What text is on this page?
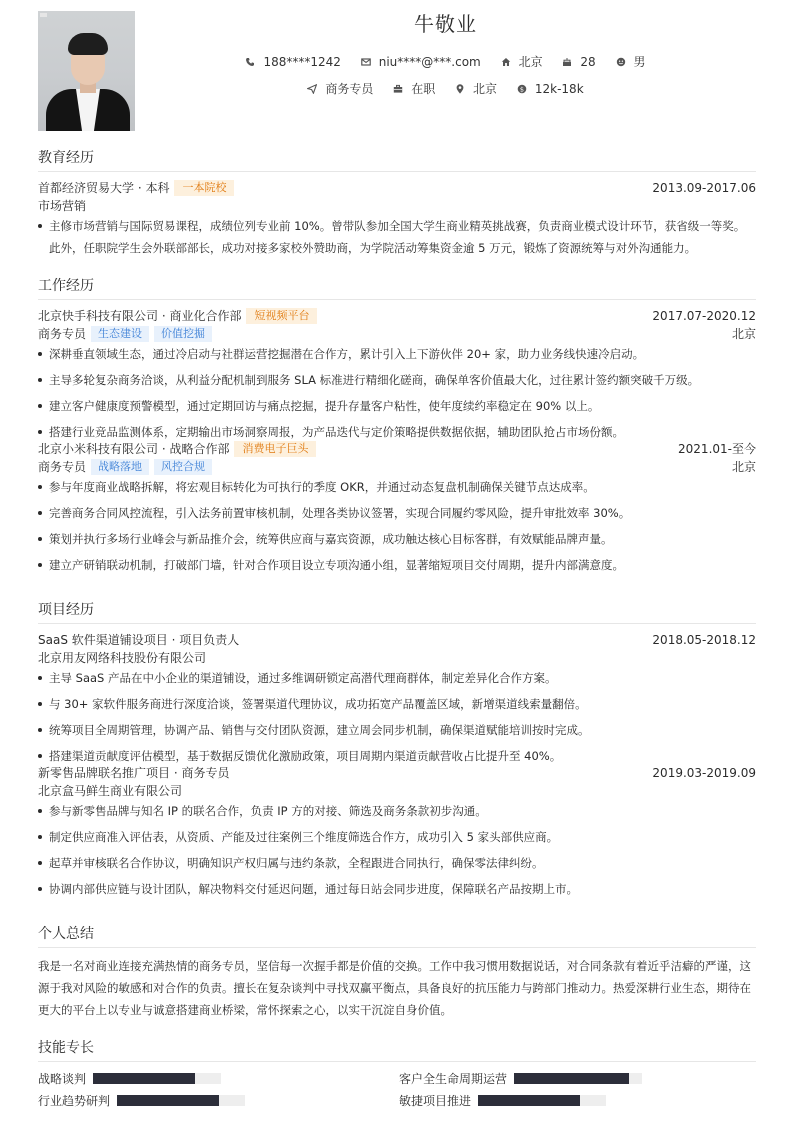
牛敬业
188****1242	niu****@***.com	北京	28	男
商务专员	在职	北京	$ 12k-18k
教育经历
首都经济贸易大学 · 本科 一本院校	2013.09-2017.06
市场营销
主修市场营销与国际贸易课程，成绩位列专业前 10%。曾带队参加全国大学生商业精英挑战赛，负责商业模式设计环节，获省级一等奖。此外，任职院学生会外联部部长，成功对接多家校外赞助商，为学院活动筹集资金逾 5 万元，锻炼了资源统筹与对外沟通能力。
工作经历
北京快手科技有限公司 · 商业化合作部 短视频平台	2017.07-2020.12
商务专员 生态建设 价值挖掘	北京
深耕垂直领域生态，通过冷启动与社群运营挖掘潜在合作方，累计引入上下游伙伴 20+ 家，助力业务线快速冷启动。
主导多轮复杂商务洽谈，从利益分配机制到服务 SLA 标准进行精细化磋商，确保单客价值最大化，过往累计签约额突破千万级。
建立客户健康度预警模型，通过定期回访与痛点挖掘，提升存量客户粘性，使年度续约率稳定在 90% 以上。
搭建行业竞品监测体系，定期输出市场洞察周报，为产品迭代与定价策略提供数据依据，辅助团队抢占市场份额。
北京小米科技有限公司 · 战略合作部 消费电子巨头	2021.01-至今
商务专员 战略落地 风控合规	北京
参与年度商业战略拆解，将宏观目标转化为可执行的季度 OKR，并通过动态复盘机制确保关键节点达成率。
完善商务合同风控流程，引入法务前置审核机制，处理各类协议签署，实现合同履约零风险，提升审批效率 30%。
策划并执行多场行业峰会与新品推介会，统筹供应商与嘉宾资源，成功触达核心目标客群，有效赋能品牌声量。
建立产研销联动机制，打破部门墙，针对合作项目设立专项沟通小组，显著缩短项目交付周期，提升内部满意度。
项目经历
SaaS 软件渠道铺设项目 · 项目负责人	2018.05-2018.12
北京用友网络科技股份有限公司
主导 SaaS 产品在中小企业的渠道铺设，通过多维调研锁定高潜代理商群体，制定差异化合作方案。
与 30+ 家软件服务商进行深度洽谈，签署渠道代理协议，成功拓宽产品覆盖区域，新增渠道线索量翻倍。
统筹项目全周期管理，协调产品、销售与交付团队资源，建立周会同步机制，确保渠道赋能培训按时完成。
搭建渠道贡献度评估模型，基于数据反馈优化激励政策，项目周期内渠道贡献营收占比提升至 40%。
新零售品牌联名推广项目 · 商务专员	2019.03-2019.09
北京盒马鲜生商业有限公司
参与新零售品牌与知名 IP 的联名合作，负责 IP 方的对接、筛选及商务条款初步沟通。
制定供应商准入评估表，从资质、产能及过往案例三个维度筛选合作方，成功引入 5 家头部供应商。
起草并审核联名合作协议，明确知识产权归属与违约条款，全程跟进合同执行，确保零法律纠纷。
协调内部供应链与设计团队，解决物料交付延迟问题，通过每日站会同步进度，保障联名产品按期上市。
个人总结
我是一名对商业连接充满热情的商务专员，坚信每一次握手都是价值的交换。工作中我习惯用数据说话，对合同条款有着近乎洁癖的严谨，这源于我对风险的敏感和对合作的负责。擅长在复杂谈判中寻找双赢平衡点，具备良好的抗压能力与跨部门推动力。热爱深耕行业生态，期待在更大的平台上以专业与诚意搭建商业桥梁，常怀探索之心，以实干沉淀自身价值。
技能专长
战略谈判	客户全生命周期运营
行业趋势研判	敏捷项目推进
